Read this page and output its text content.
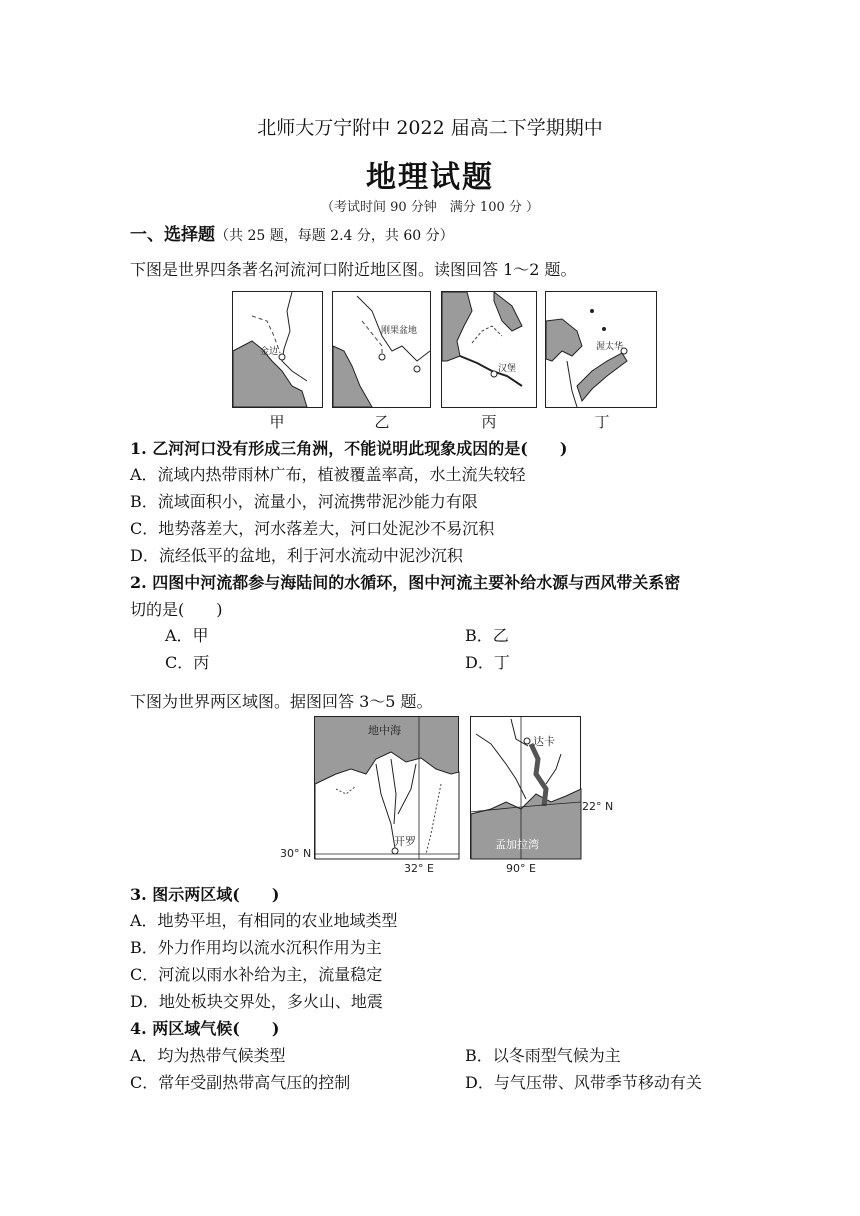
北师大万宁附中 2022 届高二下学期期中
地理试题
（考试时间 90 分钟　满分 100 分 ）
一、选择题（共 25 题，每题 2.4 分，共 60 分）
下图是世界四条著名河流河口附近地区图。读图回答 1～2 题。
金边
刚果盆地
汉堡
渥太华
甲	乙	丙	丁
1. 乙河河口没有形成三角洲，不能说明此现象成因的是(　　)
A．流域内热带雨林广布，植被覆盖率高，水土流失较轻
B．流域面积小，流量小，河流携带泥沙能力有限
C．地势落差大，河水落差大，河口处泥沙不易沉积
D．流经低平的盆地，利于河水流动中泥沙沉积
2. 四图中河流都参与海陆间的水循环，图中河流主要补给水源与西风带关系密
切的是(　　)
A．甲	B．乙
C．丙	D．丁
下图为世界两区域图。据图回答 3～5 题。
地中海
开罗
30° N
32° E
达卡
孟加拉湾
22° N
90° E
3. 图示两区域(　　)
A．地势平坦，有相同的农业地域类型
B．外力作用均以流水沉积作用为主
C．河流以雨水补给为主，流量稳定
D．地处板块交界处，多火山、地震
4. 两区域气候(　　)
A．均为热带气候类型	B．以冬雨型气候为主
C．常年受副热带高气压的控制	D．与气压带、风带季节移动有关
